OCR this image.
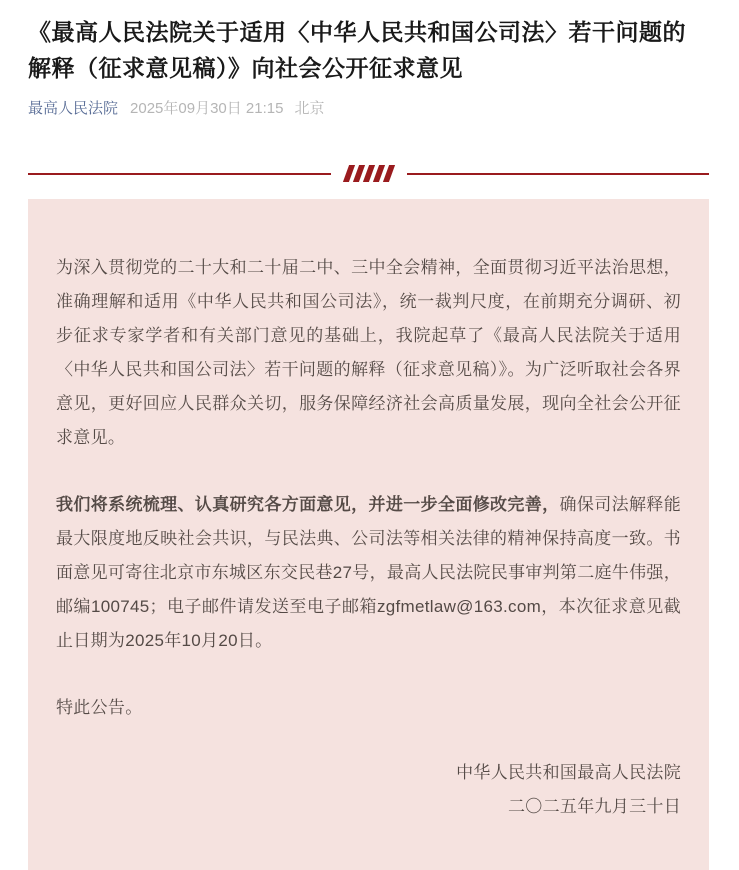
《最高人民法院关于适用〈中华人民共和国公司法〉若干问题的解释（征求意见稿）》向社会公开征求意见
最高人民法院 2025年09月30日 21:15 北京

为深入贯彻党的二十大和二十届二中、三中全会精神，全面贯彻习近平法治思想，准确理解和适用《中华人民共和国公司法》，统一裁判尺度，在前期充分调研、初步征求专家学者和有关部门意见的基础上，我院起草了《最高人民法院关于适用〈中华人民共和国公司法〉若干问题的解释（征求意见稿）》。为广泛听取社会各界意见，更好回应人民群众关切，服务保障经济社会高质量发展，现向全社会公开征求意见。

我们将系统梳理、认真研究各方面意见，并进一步全面修改完善，确保司法解释能最大限度地反映社会共识，与民法典、公司法等相关法律的精神保持高度一致。书面意见可寄往北京市东城区东交民巷27号，最高人民法院民事审判第二庭牛伟强，邮编100745；电子邮件请发送至电子邮箱zgfmetlaw@163.com，本次征求意见截止日期为2025年10月20日。

特此公告。

中华人民共和国最高人民法院

二〇二五年九月三十日
